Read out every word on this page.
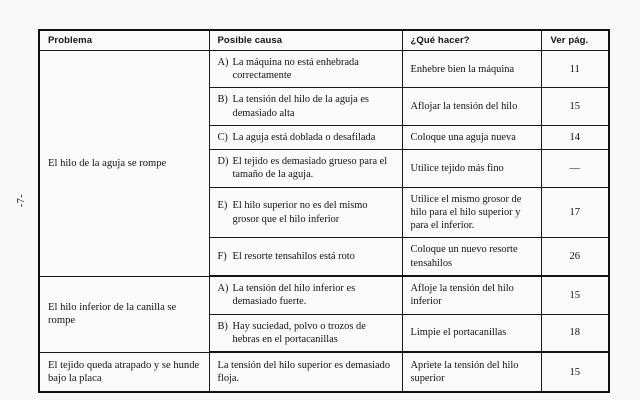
-7-
Problema	Posible causa	¿Qué hacer?	Ver pág.
El hilo de la aguja se rompe	A) La máquina no está enhebrada correctamente	Enhebre bien la máquina	11
	B) La tensión del hilo de la aguja es demasiado alta	Aflojar la tensión del hilo	15
	C) La aguja está doblada o desafilada	Coloque una aguja nueva	14
	D) El tejido es demasiado grueso para el tamaño de la aguja.	Utilice tejido más fino	—
	E) El hilo superior no es del mismo grosor que el hilo inferior	Utilice el mismo grosor de hilo para el hilo superior y para el inferior.	17
	F) El resorte tensahilos está roto	Coloque un nuevo resorte tensahilos	26
El hilo inferior de la canilla se rompe	A) La tensión del hilo inferior es demasiado fuerte.	Afloje la tensión del hilo inferior	15
	B) Hay suciedad, polvo o trozos de hebras en el portacanillas	Limpie el portacanillas	18
El tejido queda atrapado y se hunde bajo la placa	La tensión del hilo superior es demasiado floja.	Apriete la tensión del hilo superior	15
